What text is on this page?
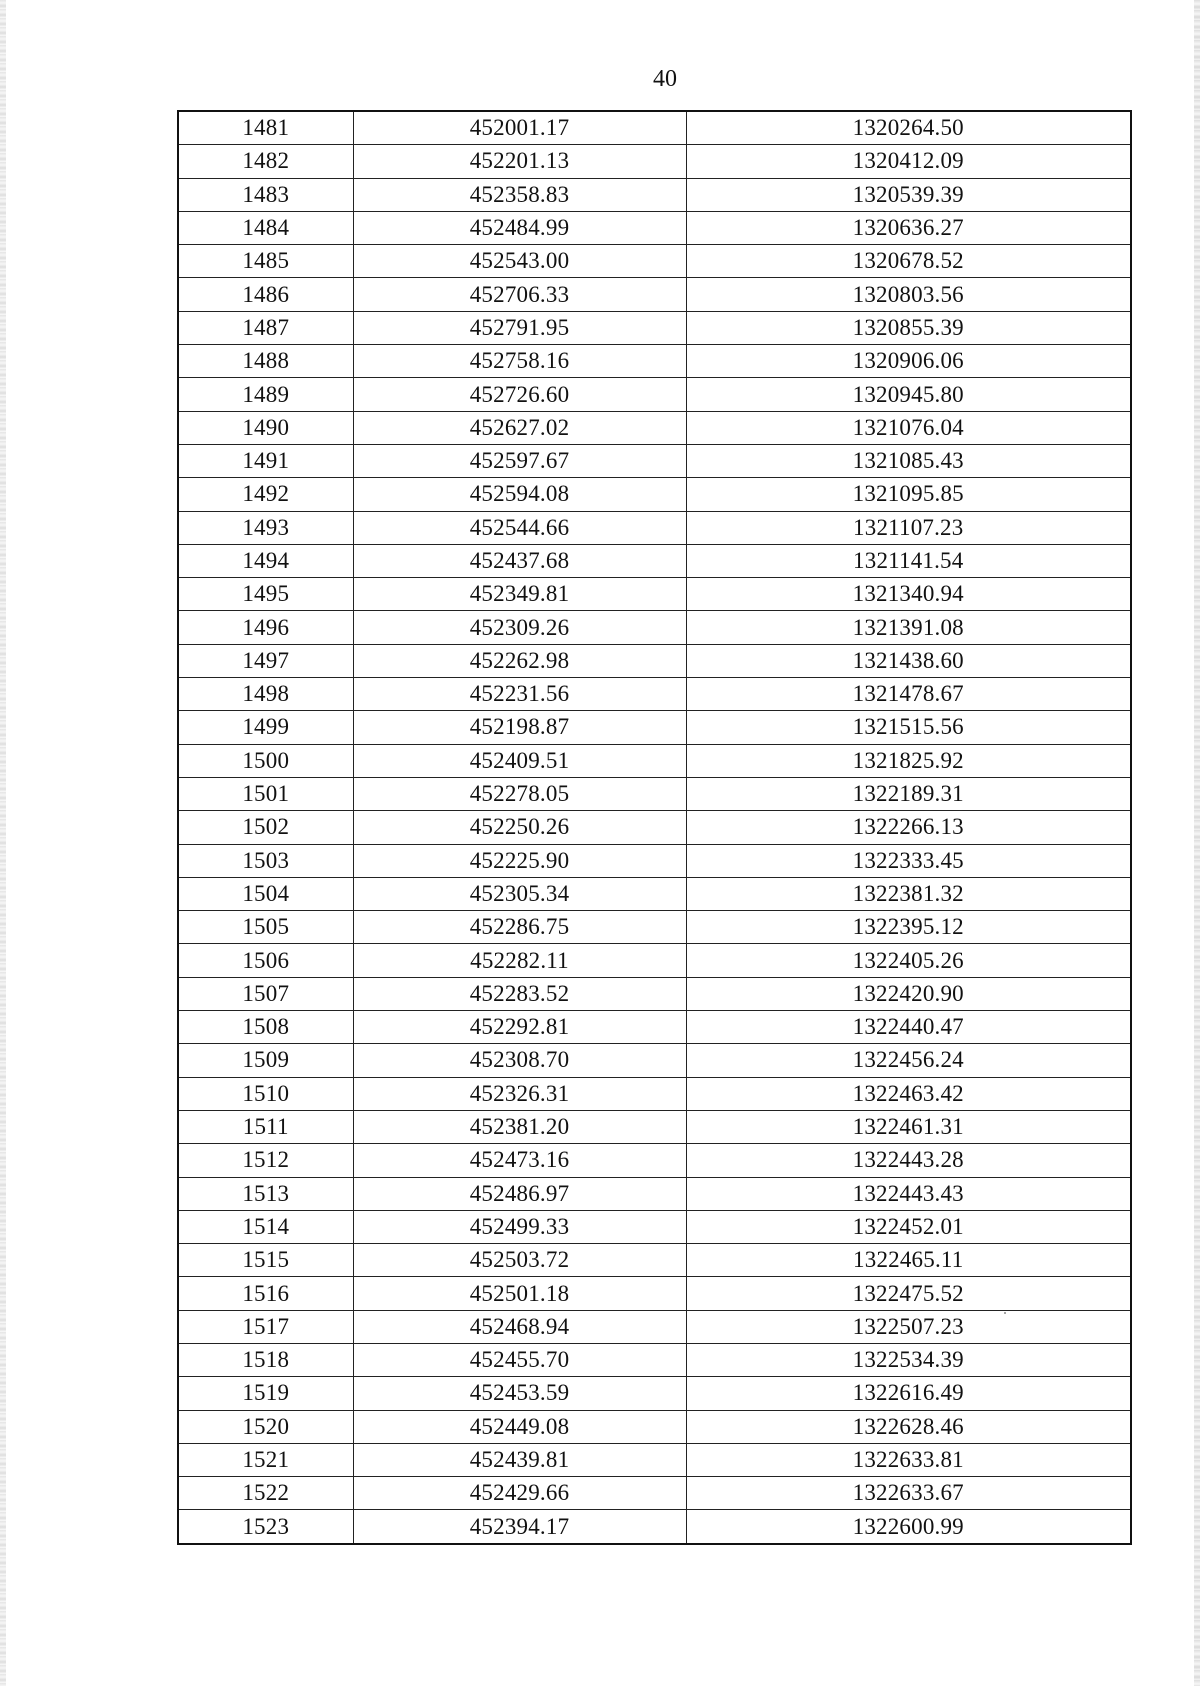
40
1481	452001.17	1320264.50
1482	452201.13	1320412.09
1483	452358.83	1320539.39
1484	452484.99	1320636.27
1485	452543.00	1320678.52
1486	452706.33	1320803.56
1487	452791.95	1320855.39
1488	452758.16	1320906.06
1489	452726.60	1320945.80
1490	452627.02	1321076.04
1491	452597.67	1321085.43
1492	452594.08	1321095.85
1493	452544.66	1321107.23
1494	452437.68	1321141.54
1495	452349.81	1321340.94
1496	452309.26	1321391.08
1497	452262.98	1321438.60
1498	452231.56	1321478.67
1499	452198.87	1321515.56
1500	452409.51	1321825.92
1501	452278.05	1322189.31
1502	452250.26	1322266.13
1503	452225.90	1322333.45
1504	452305.34	1322381.32
1505	452286.75	1322395.12
1506	452282.11	1322405.26
1507	452283.52	1322420.90
1508	452292.81	1322440.47
1509	452308.70	1322456.24
1510	452326.31	1322463.42
1511	452381.20	1322461.31
1512	452473.16	1322443.28
1513	452486.97	1322443.43
1514	452499.33	1322452.01
1515	452503.72	1322465.11
1516	452501.18	1322475.52
1517	452468.94	1322507.23
1518	452455.70	1322534.39
1519	452453.59	1322616.49
1520	452449.08	1322628.46
1521	452439.81	1322633.81
1522	452429.66	1322633.67
1523	452394.17	1322600.99
